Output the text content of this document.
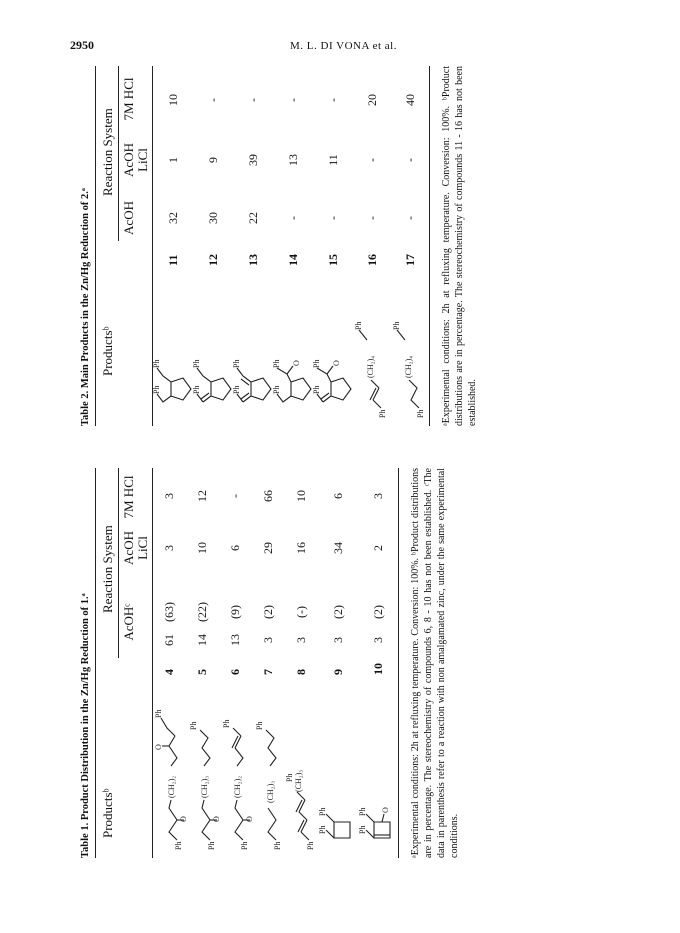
2950	M. L. DI VONA et al.
Table 1. Product Distribution in the Zn/Hg Reduction of 1.ᵃ Productsᵇ
Reaction System
AcOHᶜ
AcOH LiCl
7M HCl
Ph
O
(CH₂)₂
O
Ph
4
61
(63)
3
3
Ph
O
(CH₂)₃
Ph
5
14
(22)
10
12
Ph
O
(CH₂)₂
Ph
6
13
(9)
6
-
Ph
(CH₂)₃
Ph
7
3
(2)
29
66
Ph
(CH₂)₃
Ph
8
3
(-)
16
10
Ph
Ph
9
3
(2)
34
6
Ph
Ph O
10
3
(2)
2
3	ᵃExperimental conditions: 2h at refluxing temperature. Conversion: 100%. ᵇProduct distributions are in percentage. The stereochemistry of compounds 6, 8 - 10 has not been established. ᶜThe data in parenthesis refer to a reaction with non amalgamated zinc, under the same experimental conditions.
Table 2. Main Products in the Zn/Hg Reduction of 2.ᵃ Productsᵇ
Reaction System
AcOH
AcOH LiCl
7M HCl
Ph
Ph
11
32
1
10
Ph
Ph
12
30
9
-
Ph
Ph
13
22
39
-
Ph
Ph O
14
-
13
-
Ph
Ph O
15
-
11
-
Ph
(CH₂)₄
Ph
16
-
-
20
Ph
(CH₂)₄
Ph
17
-
-
40 ᵃExperimental conditions: 2h at refluxing temperature. Conversion: 100%. ᵇProduct distributions are in percentage. The stereochemistry of compounds 11 - 16 has not been established.
